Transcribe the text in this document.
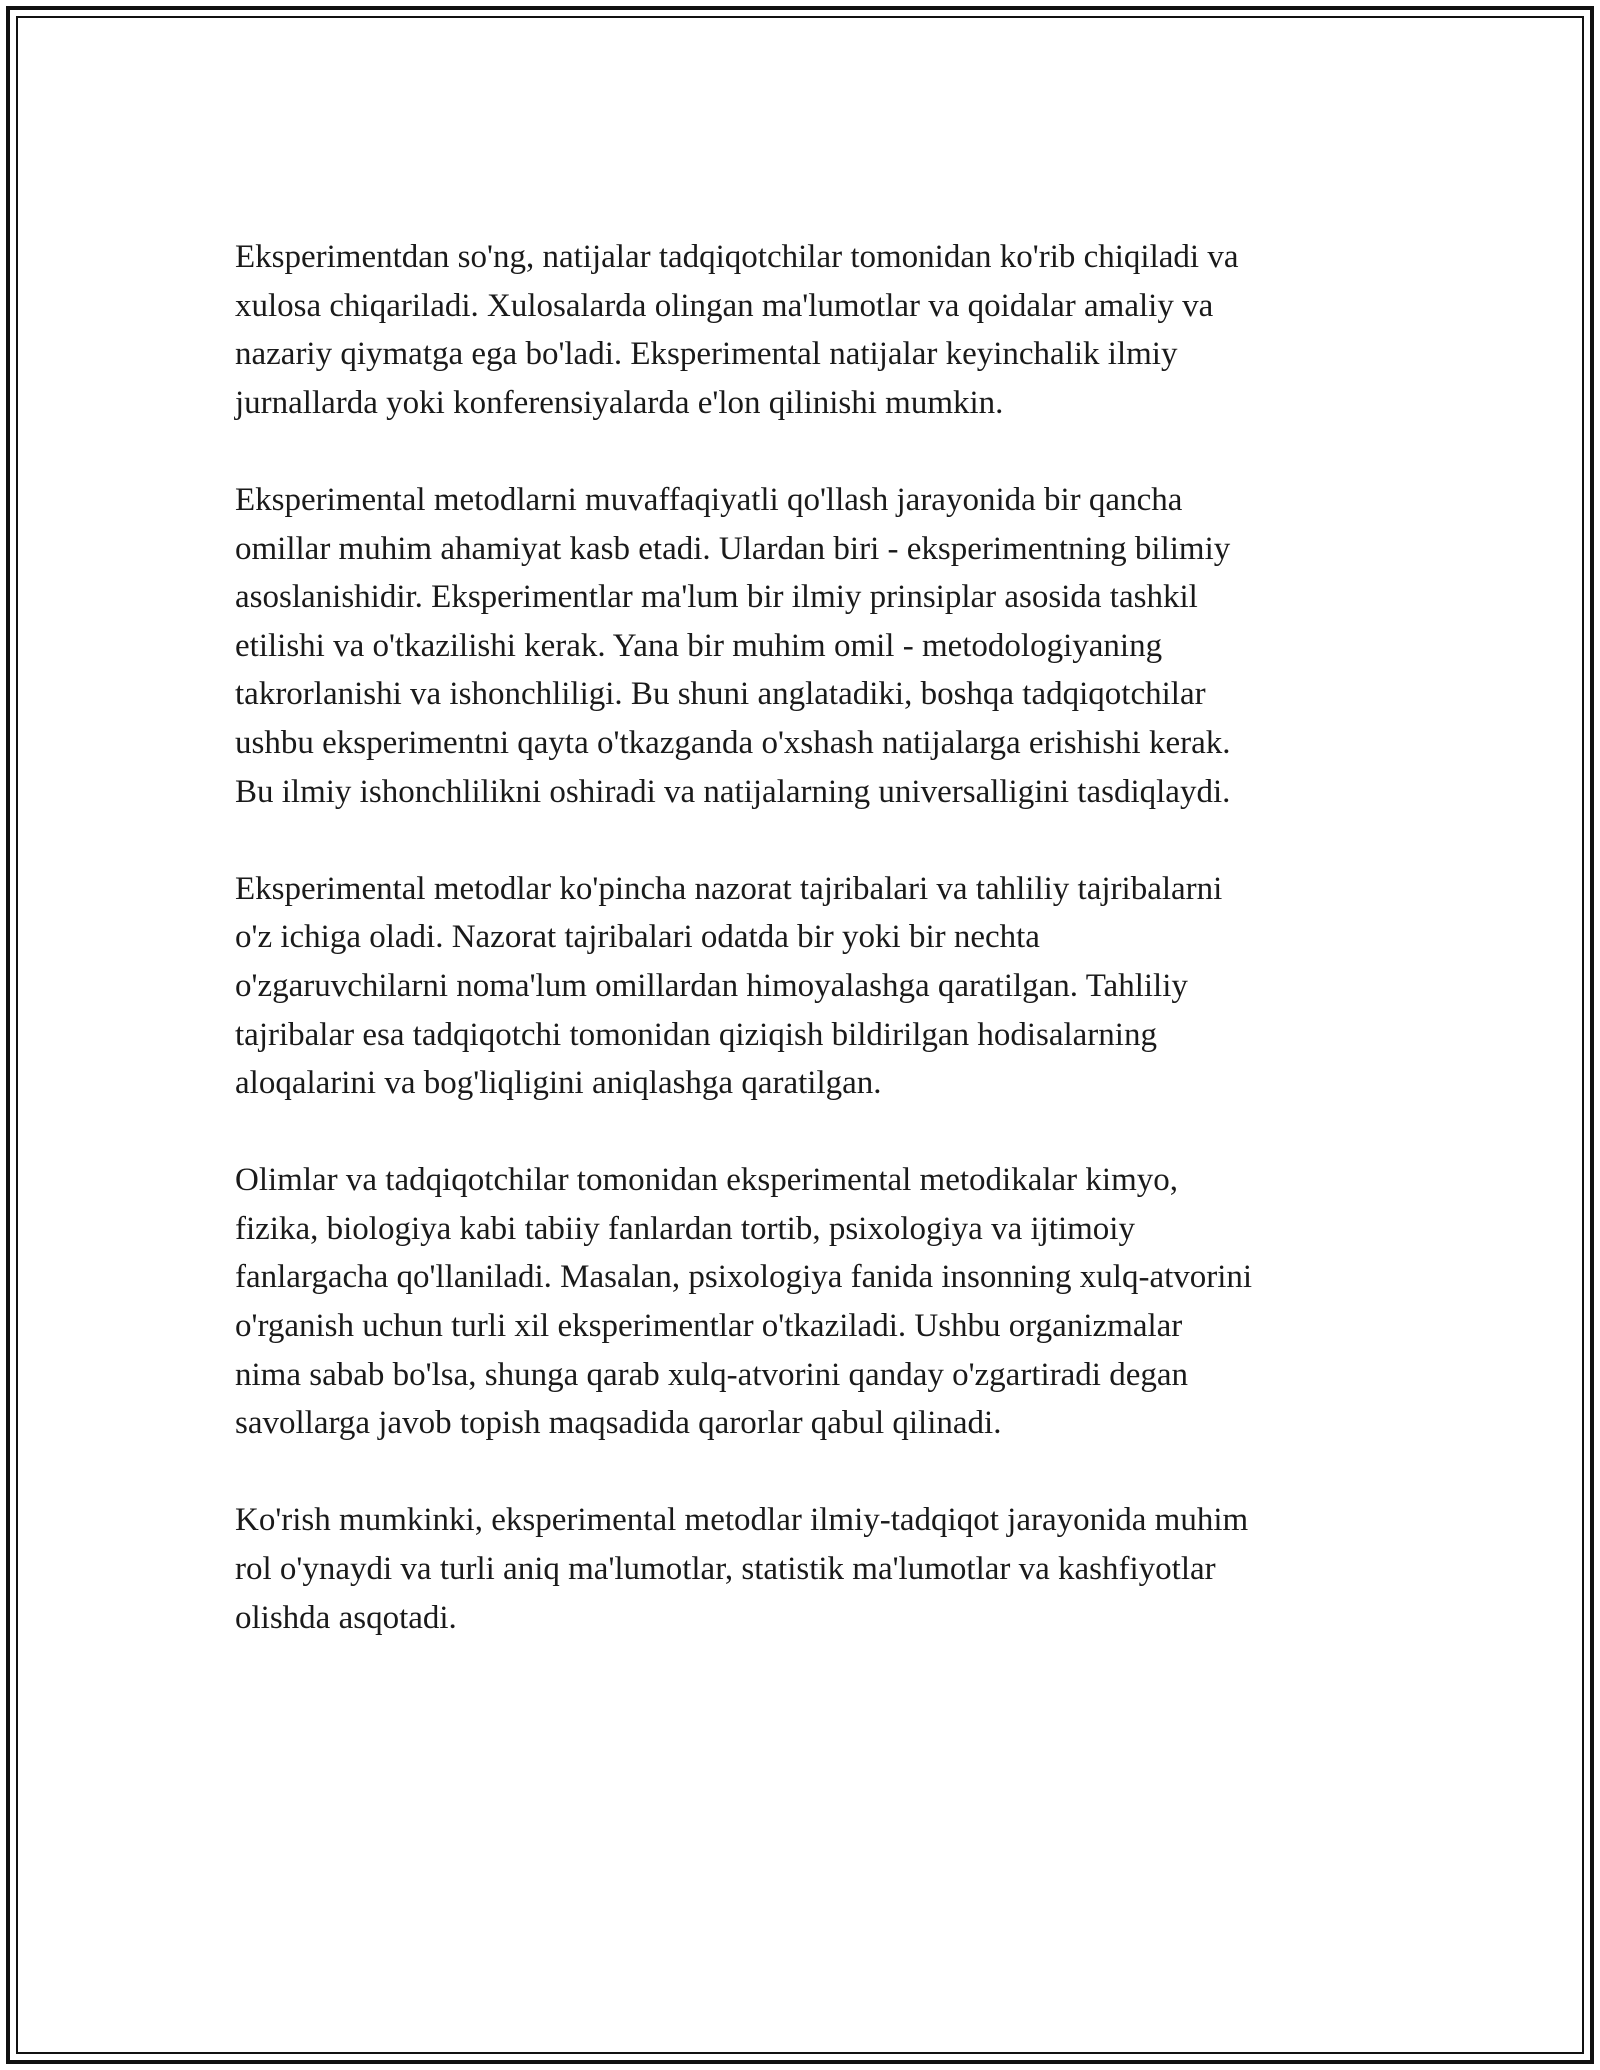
Eksperimentdan so'ng, natijalar tadqiqotchilar tomonidan ko'rib chiqiladi va
xulosa chiqariladi. Xulosalarda olingan ma'lumotlar va qoidalar amaliy va
nazariy qiymatga ega bo'ladi. Eksperimental natijalar keyinchalik ilmiy
jurnallarda yoki konferensiyalarda e'lon qilinishi mumkin.

Eksperimental metodlarni muvaffaqiyatli qo'llash jarayonida bir qancha
omillar muhim ahamiyat kasb etadi. Ulardan biri - eksperimentning bilimiy
asoslanishidir. Eksperimentlar ma'lum bir ilmiy prinsiplar asosida tashkil
etilishi va o'tkazilishi kerak. Yana bir muhim omil - metodologiyaning
takrorlanishi va ishonchliligi. Bu shuni anglatadiki, boshqa tadqiqotchilar
ushbu eksperimentni qayta o'tkazganda o'xshash natijalarga erishishi kerak.
Bu ilmiy ishonchlilikni oshiradi va natijalarning universalligini tasdiqlaydi.

Eksperimental metodlar ko'pincha nazorat tajribalari va tahliliy tajribalarni
o'z ichiga oladi. Nazorat tajribalari odatda bir yoki bir nechta
o'zgaruvchilarni noma'lum omillardan himoyalashga qaratilgan. Tahliliy
tajribalar esa tadqiqotchi tomonidan qiziqish bildirilgan hodisalarning
aloqalarini va bog'liqligini aniqlashga qaratilgan.

Olimlar va tadqiqotchilar tomonidan eksperimental metodikalar kimyo,
fizika, biologiya kabi tabiiy fanlardan tortib, psixologiya va ijtimoiy
fanlargacha qo'llaniladi. Masalan, psixologiya fanida insonning xulq-atvorini
o'rganish uchun turli xil eksperimentlar o'tkaziladi. Ushbu organizmalar
nima sabab bo'lsa, shunga qarab xulq-atvorini qanday o'zgartiradi degan
savollarga javob topish maqsadida qarorlar qabul qilinadi.

Ko'rish mumkinki, eksperimental metodlar ilmiy-tadqiqot jarayonida muhim
rol o'ynaydi va turli aniq ma'lumotlar, statistik ma'lumotlar va kashfiyotlar
olishda asqotadi.
